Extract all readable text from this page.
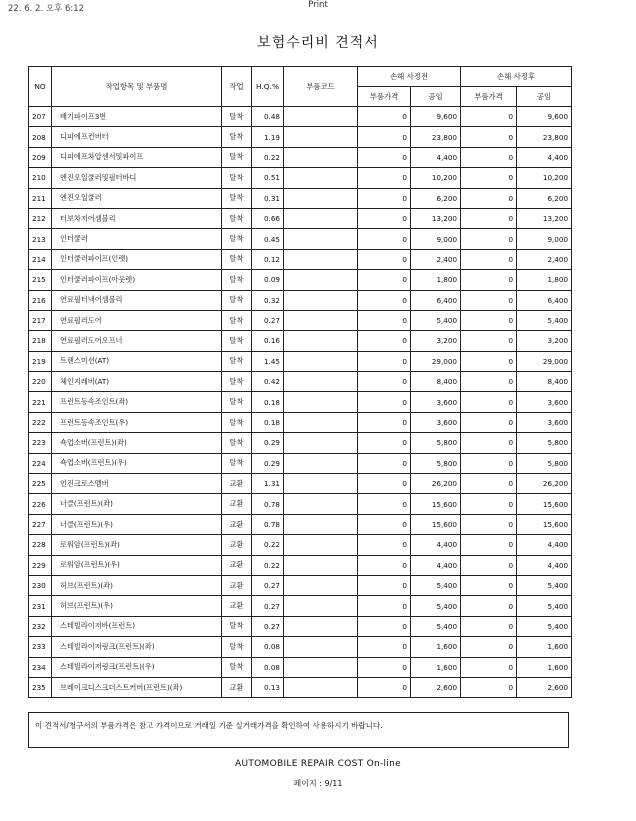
22. 6. 2. 오후 6:12	Print
보험수리비 견적서
NO	작업항목 및 부품명	작업	H.Q.%	부품코드	손해 사정전		손해 사정후	
					부품가격	공임	부품가격	공임
207	배기파이프3번	탈착	0.48		0	9,600	0	9,600
208	디피에프컨버터	탈착	1.19		0	23,800	0	23,800
209	디피에프차압센서및파이프	탈착	0.22		0	4,400	0	4,400
210	엔진오일쿨러및필터바디	탈착	0.51		0	10,200	0	10,200
211	엔진오일쿨러	탈착	0.31		0	6,200	0	6,200
212	터보차저어셈블리	탈착	0.66		0	13,200	0	13,200
213	인터쿨러	탈착	0.45		0	9,000	0	9,000
214	인터쿨러파이프(인렛)	탈착	0.12		0	2,400	0	2,400
215	인터쿨러파이프(아웃렛)	탈착	0.09		0	1,800	0	1,800
216	연료필터낵어셈블리	탈착	0.32		0	6,400	0	6,400
217	연료필러도어	탈착	0.27		0	5,400	0	5,400
218	연료필러도어오프너	탈착	0.16		0	3,200	0	3,200
219	트랜스미션(AT)	탈착	1.45		0	29,000	0	29,000
220	체인지레버(AT)	탈착	0.42		0	8,400	0	8,400
221	프런트등속조인트(좌)	탈착	0.18		0	3,600	0	3,600
222	프런트등속조인트(우)	탈착	0.18		0	3,600	0	3,600
223	쇽업소버(프런트)(좌)	탈착	0.29		0	5,800	0	5,800
224	쇽업소버(프런트)(우)	탈착	0.29		0	5,800	0	5,800
225	언진크로스멤버	교환	1.31		0	26,200	0	26,200
226	너클(프런트)(좌)	교환	0.78		0	15,600	0	15,600
227	너클(프런트)(우)	교환	0.78		0	15,600	0	15,600
228	로워암(프런트)(좌)	교환	0.22		0	4,400	0	4,400
229	로워암(프런트)(우)	교환	0.22		0	4,400	0	4,400
230	허브(프런트)(좌)	교환	0.27		0	5,400	0	5,400
231	허브(프런트)(우)	교환	0.27		0	5,400	0	5,400
232	스테빌라이저바(프런트)	탈착	0.27		0	5,400	0	5,400
233	스테빌라이저링크(프런트)(좌)	탈착	0.08		0	1,600	0	1,600
234	스테빌라이저링크(프런트)(우)	탈착	0.08		0	1,600	0	1,600
235	브레이크디스크더스트커버(프런트)(좌)	교환	0.13		0	2,600	0	2,600
이 견적서/청구서의 부품가격은 참고 가격이므로 거래일 기준 실거래가격을 확인하여 사용하시기 바랍니다.
AUTOMOBILE REPAIR COST On-line
페이지 : 9/11
